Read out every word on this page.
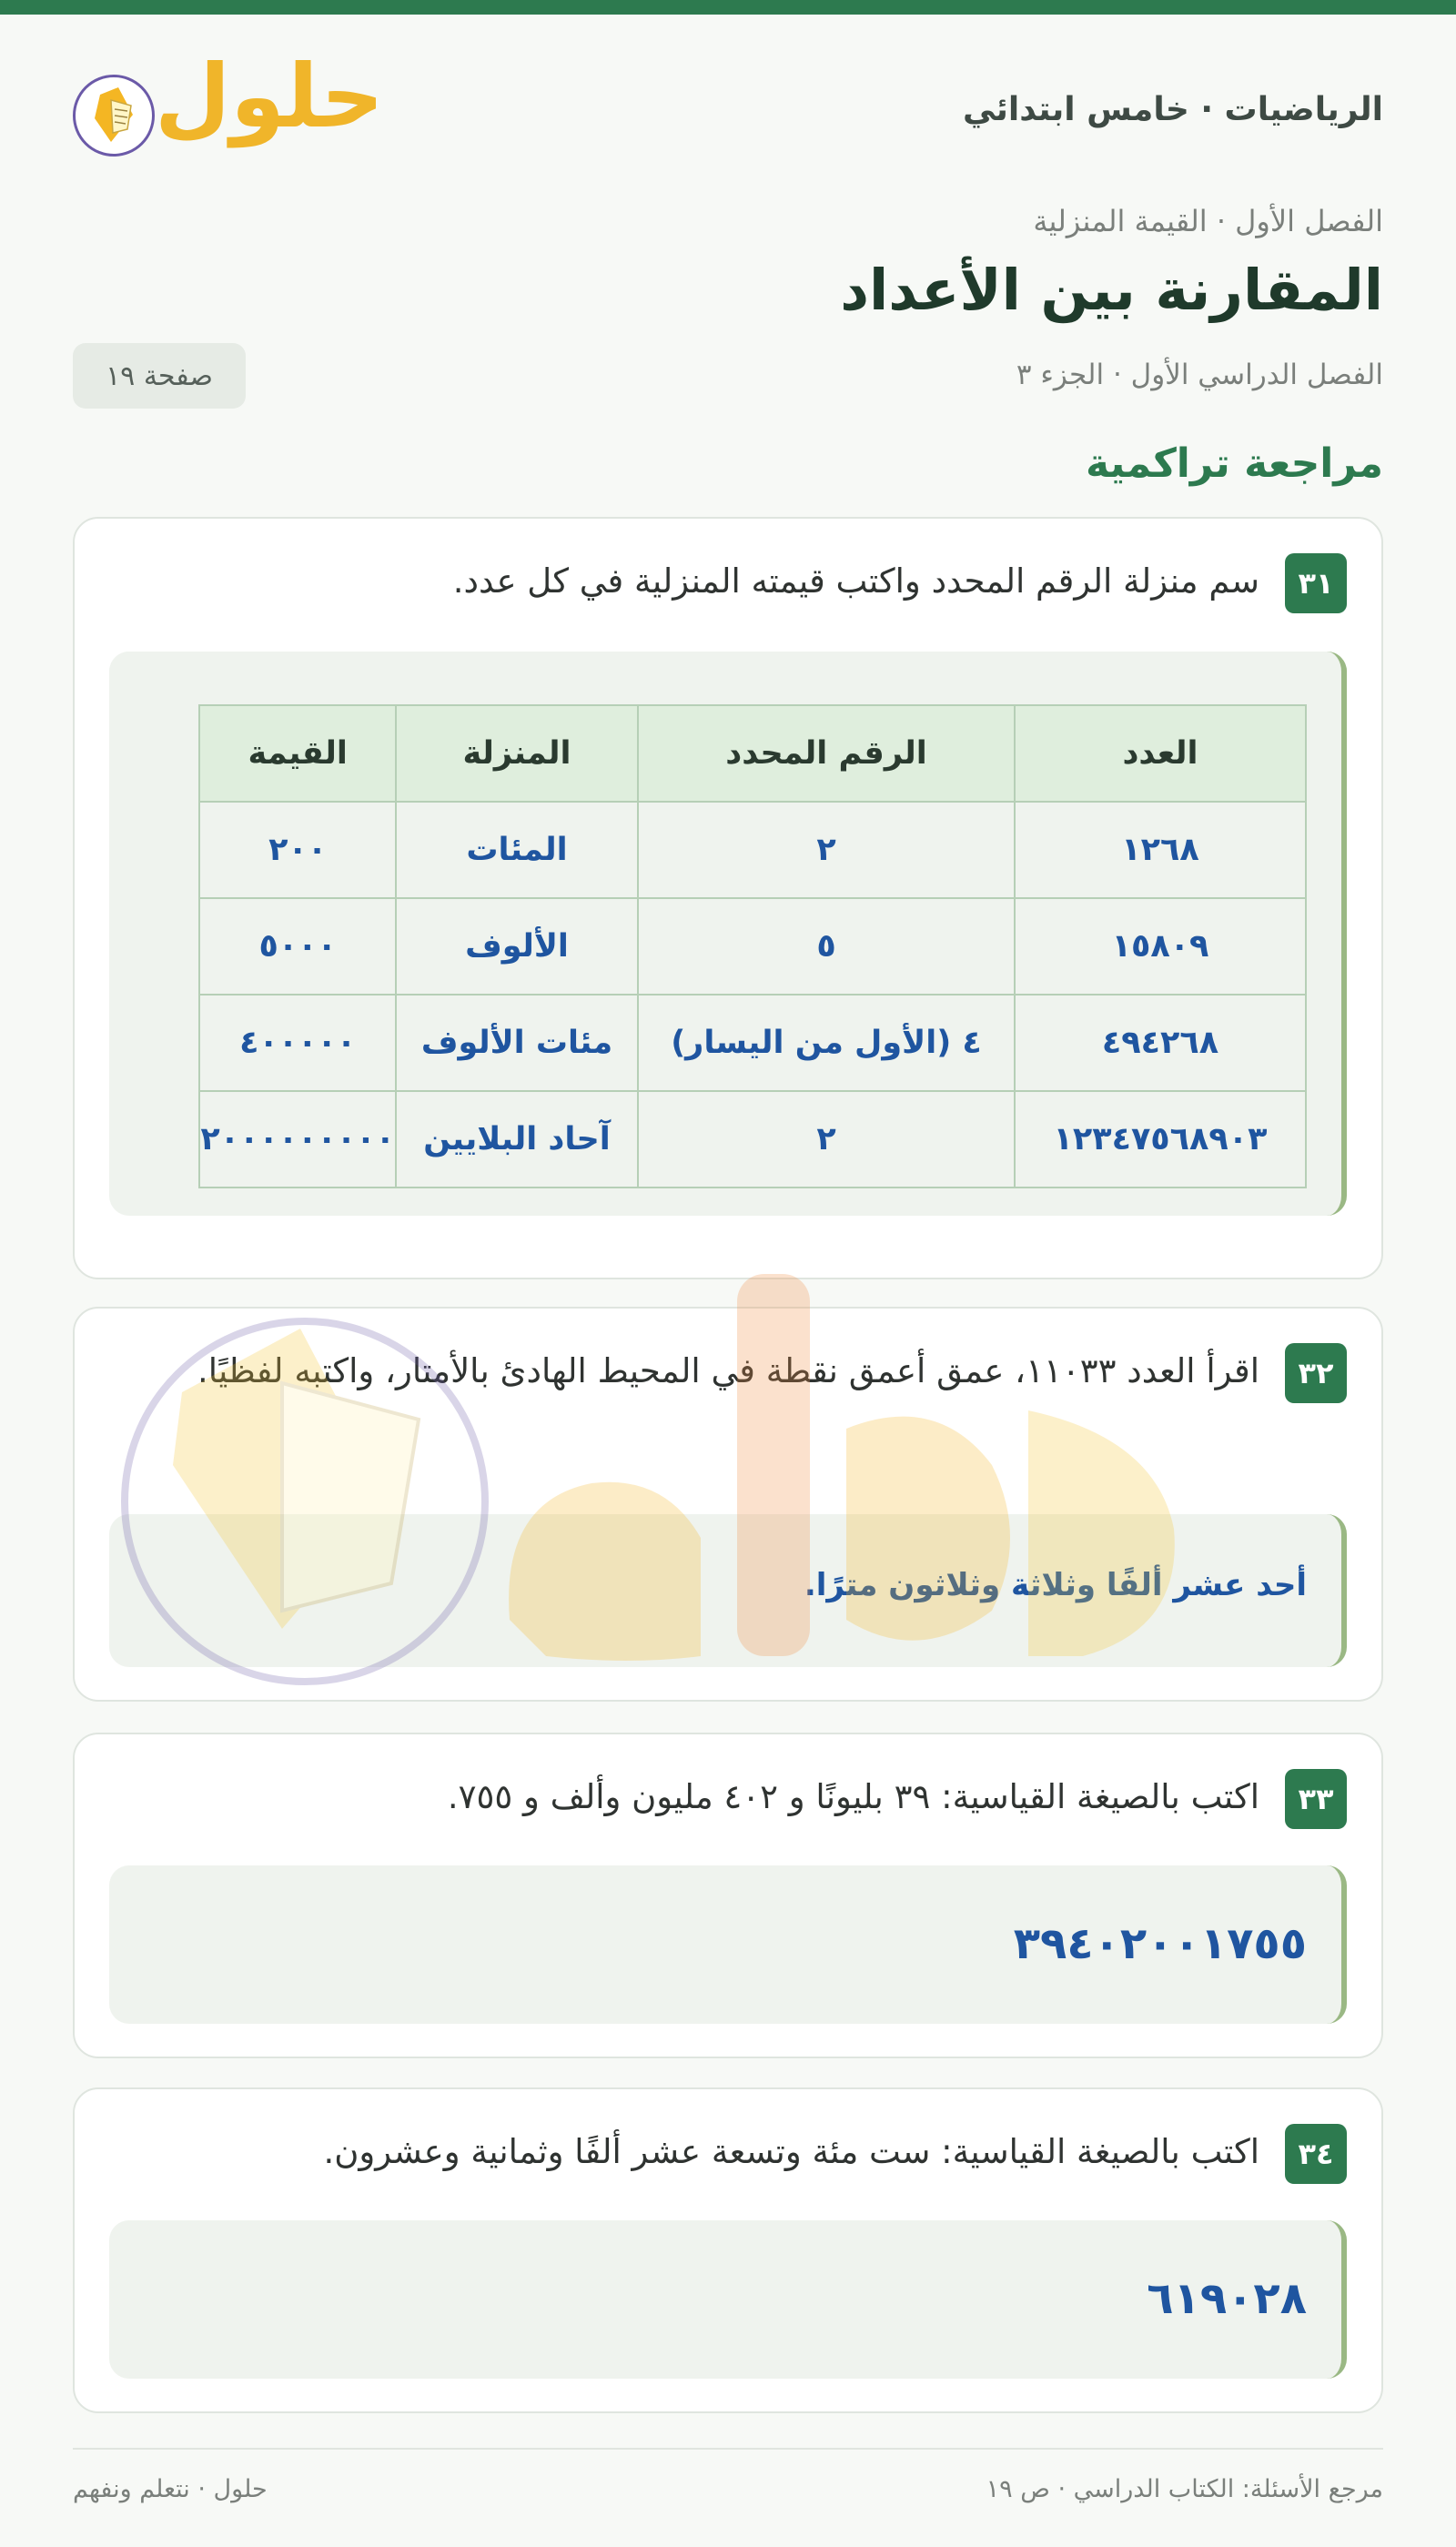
الرياضيات · خامس ابتدائي
حلول
الفصل الأول · القيمة المنزلية
المقارنة بين الأعداد
الفصل الدراسي الأول · الجزء ٣
صفحة ١٩
مراجعة تراكمية
٣١
سم منزلة الرقم المحدد واكتب قيمته المنزلية في كل عدد.
العدد	الرقم المحدد	المنزلة	القيمة
١٢٦٨	٢	المئات	٢٠٠
١٥٨٠٩	٥	الألوف	٥٠٠٠
٤٩٤٢٦٨	٤ (الأول من اليسار)	مئات الألوف	٤٠٠٠٠٠
١٢٣٤٧٥٦٨٩٠٣	٢	آحاد البلايين	٢٠٠٠٠٠٠٠٠٠
٣٢
اقرأ العدد ١١٠٣٣، عمق أعمق نقطة في المحيط الهادئ بالأمتار، واكتبه لفظيًا.
أحد عشر ألفًا وثلاثة وثلاثون مترًا.
٣٣
اكتب بالصيغة القياسية: ٣٩ بليونًا و ٤٠٢ مليون وألف و ٧٥٥.
٣٩٤٠٢٠٠١٧٥٥
٣٤
اكتب بالصيغة القياسية: ست مئة وتسعة عشر ألفًا وثمانية وعشرون.
٦١٩٠٢٨
مرجع الأسئلة: الكتاب الدراسي · ص ١٩
حلول · نتعلم ونفهم
